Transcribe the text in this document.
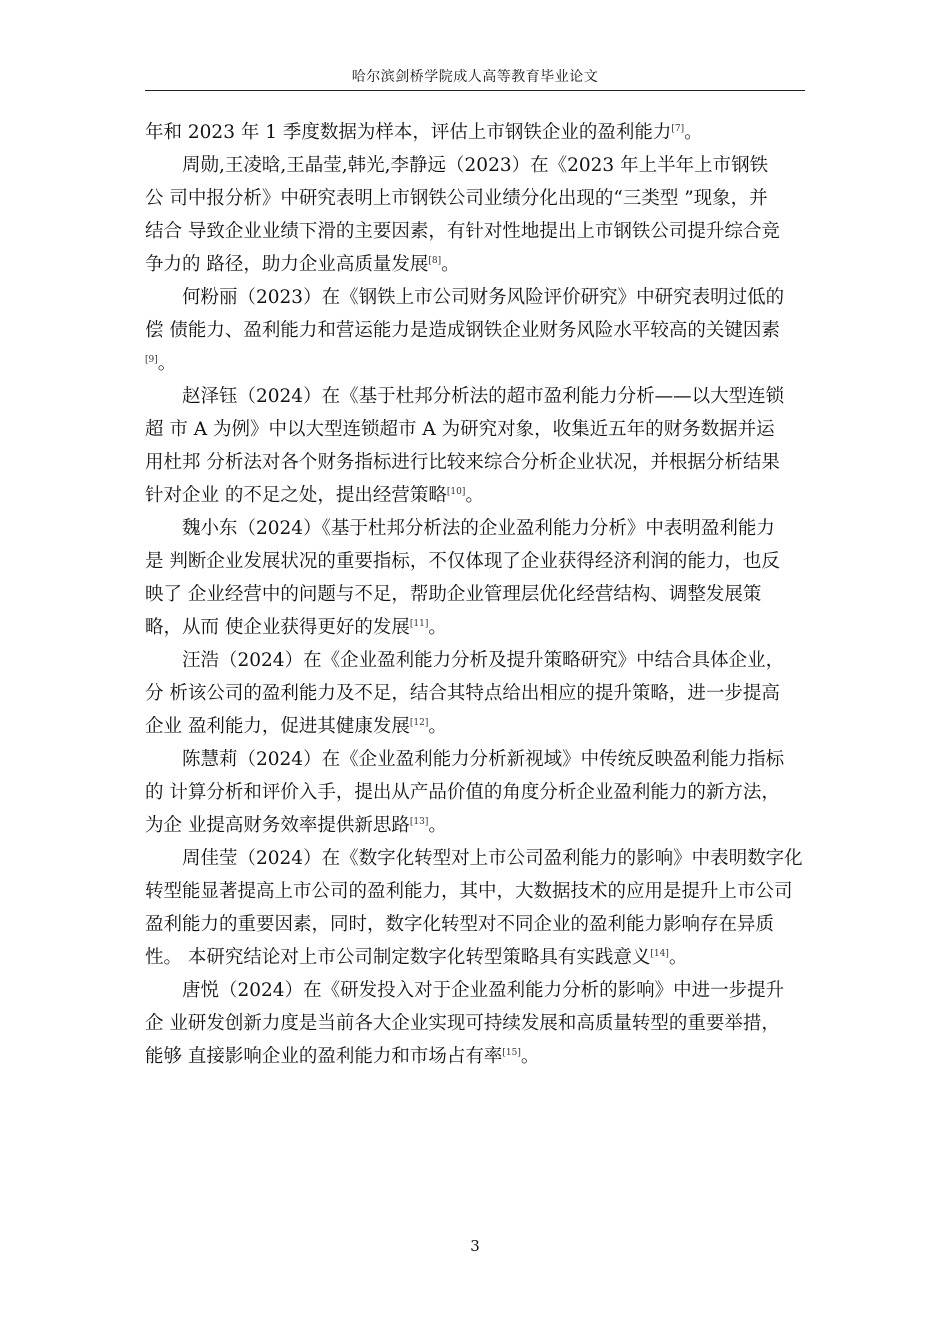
哈尔滨剑桥学院成人高等教育毕业论文

年和 2023 年 1 季度数据为样本，评估上市钢铁企业的盈利能力[7]。

周勋,王凌晗,王晶莹,韩光,李静远（2023）在《2023 年上半年上市钢铁
公 司中报分析》中研究表明上市钢铁公司业绩分化出现的“三类型 ”现象，并
结合 导致企业业绩下滑的主要因素，有针对性地提出上市钢铁公司提升综合竞
争力的 路径，助力企业高质量发展[8]。

何粉丽（2023）在《钢铁上市公司财务风险评价研究》中研究表明过低的
偿 债能力、盈利能力和营运能力是造成钢铁企业财务风险水平较高的关键因素
[9]。

赵泽钰（2024）在《基于杜邦分析法的超市盈利能力分析——以大型连锁
超 市 A 为例》中以大型连锁超市 A 为研究对象，收集近五年的财务数据并运
用杜邦 分析法对各个财务指标进行比较来综合分析企业状况，并根据分析结果
针对企业 的不足之处，提出经营策略[10]。

魏小东（2024）《基于杜邦分析法的企业盈利能力分析》中表明盈利能力
是 判断企业发展状况的重要指标，不仅体现了企业获得经济利润的能力，也反
映了 企业经营中的问题与不足，帮助企业管理层优化经营结构、调整发展策
略，从而 使企业获得更好的发展[11]。

汪浩（2024）在《企业盈利能力分析及提升策略研究》中结合具体企业，
分 析该公司的盈利能力及不足，结合其特点给出相应的提升策略，进一步提高
企业 盈利能力，促进其健康发展[12]。

陈慧莉（2024）在《企业盈利能力分析新视域》中传统反映盈利能力指标
的 计算分析和评价入手，提出从产品价值的角度分析企业盈利能力的新方法，
为企 业提高财务效率提供新思路[13]。

周佳莹（2024）在《数字化转型对上市公司盈利能力的影响》中表明数字化
转型能显著提高上市公司的盈利能力，其中，大数据技术的应用是提升上市公司
盈利能力的重要因素，同时，数字化转型对不同企业的盈利能力影响存在异质
性。 本研究结论对上市公司制定数字化转型策略具有实践意义[14]。

唐悦（2024）在《研发投入对于企业盈利能力分析的影响》中进一步提升
企 业研发创新力度是当前各大企业实现可持续发展和高质量转型的重要举措，
能够 直接影响企业的盈利能力和市场占有率[15]。

3
